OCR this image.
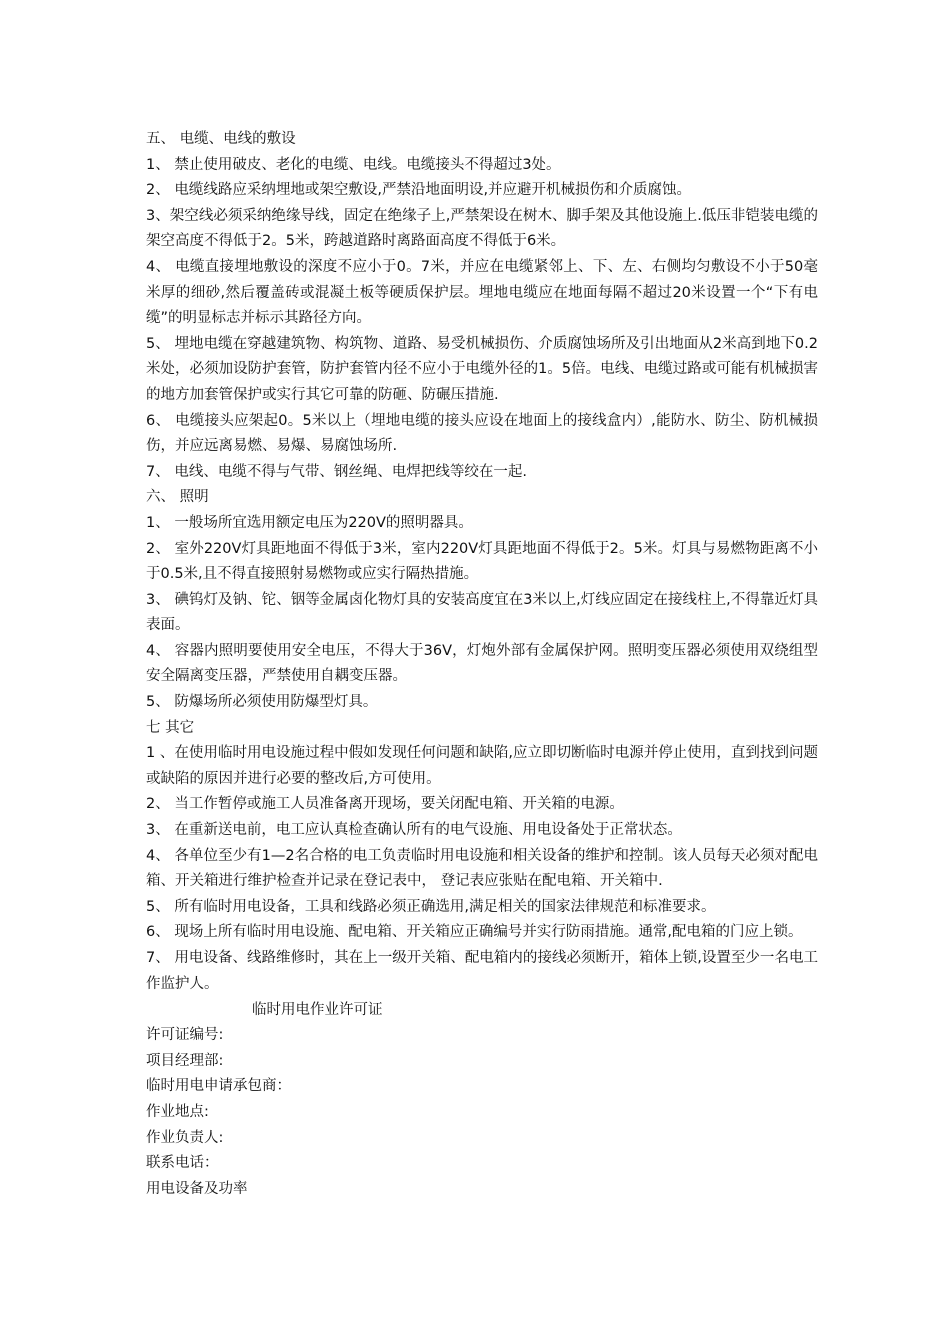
五、 电缆、电线的敷设
1、 禁止使用破皮、老化的电缆、电线。电缆接头不得超过3处。
2、 电缆线路应采纳埋地或架空敷设,严禁沿地面明设,并应避开机械损伤和介质腐蚀。
3、架空线必须采纳绝缘导线，固定在绝缘子上,严禁架设在树木、脚手架及其他设施上.低压非铠装电缆的架空高度不得低于2。5米，跨越道路时离路面高度不得低于6米。
4、 电缆直接埋地敷设的深度不应小于0。7米，并应在电缆紧邻上、下、左、右侧均匀敷设不小于50毫米厚的细砂,然后覆盖砖或混凝土板等硬质保护层。埋地电缆应在地面每隔不超过20米设置一个“下有电缆”的明显标志并标示其路径方向。
5、 埋地电缆在穿越建筑物、构筑物、道路、易受机械损伤、介质腐蚀场所及引出地面从2米高到地下0.2米处，必须加设防护套管，防护套管内径不应小于电缆外径的1。5倍。电线、电缆过路或可能有机械损害的地方加套管保护或实行其它可靠的防砸、防碾压措施.
6、 电缆接头应架起0。5米以上（埋地电缆的接头应设在地面上的接线盒内）,能防水、防尘、防机械损伤，并应远离易燃、易爆、易腐蚀场所.
7、 电线、电缆不得与气带、钢丝绳、电焊把线等绞在一起.
六、 照明
1、 一般场所宜选用额定电压为220V的照明器具。
2、 室外220V灯具距地面不得低于3米，室内220V灯具距地面不得低于2。5米。灯具与易燃物距离不小于0.5米,且不得直接照射易燃物或应实行隔热措施。
3、 碘钨灯及钠、铊、铟等金属卤化物灯具的安装高度宜在3米以上,灯线应固定在接线柱上,不得靠近灯具表面。
4、 容器内照明要使用安全电压，不得大于36V，灯炮外部有金属保护网。照明变压器必须使用双绕组型安全隔离变压器，严禁使用自耦变压器。
5、 防爆场所必须使用防爆型灯具。
七 其它
1 、在使用临时用电设施过程中假如发现任何问题和缺陷,应立即切断临时电源并停止使用，直到找到问题或缺陷的原因并进行必要的整改后,方可使用。
2、 当工作暂停或施工人员准备离开现场，要关闭配电箱、开关箱的电源。
3、 在重新送电前，电工应认真检查确认所有的电气设施、用电设备处于正常状态。
4、 各单位至少有1—2名合格的电工负责临时用电设施和相关设备的维护和控制。该人员每天必须对配电箱、开关箱进行维护检查并记录在登记表中， 登记表应张贴在配电箱、开关箱中.
5、 所有临时用电设备，工具和线路必须正确选用,满足相关的国家法律规范和标准要求。
6、 现场上所有临时用电设施、配电箱、开关箱应正确编号并实行防雨措施。通常,配电箱的门应上锁。
7、 用电设备、线路维修时，其在上一级开关箱、配电箱内的接线必须断开，箱体上锁,设置至少一名电工作监护人。
临时用电作业许可证
许可证编号:
项目经理部:
临时用电申请承包商：
作业地点:
作业负责人:
联系电话：
用电设备及功率
